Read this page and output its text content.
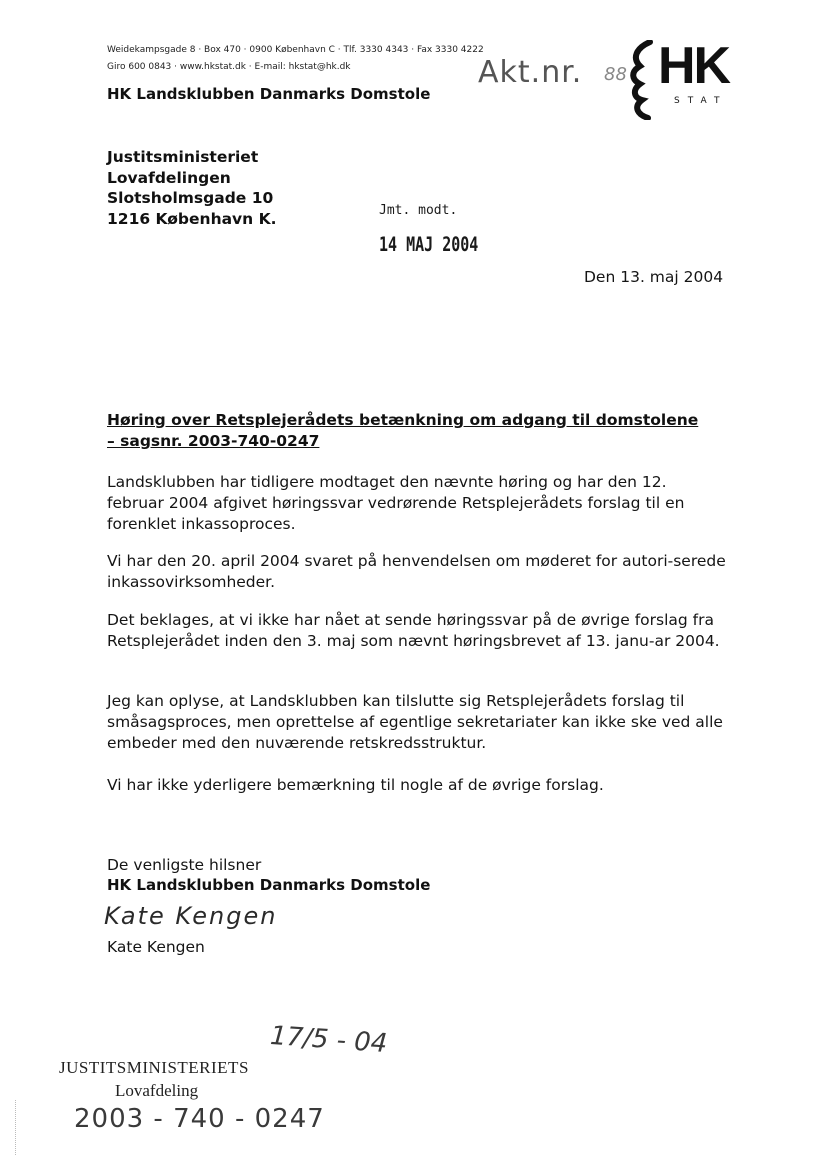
Weidekampsgade 8 · Box 470 · 0900 København C · Tlf. 3330 4343 · Fax 3330 4222
Giro 600 0843 · www.hkstat.dk · E-mail: hkstat@hk.dk
HK Landsklubben Danmarks Domstole
Akt.nr. 88 HK
STAT
Justitsministeriet
Lovafdelingen
Slotsholmsgade 10
1216 København K.	Jmt. modt.
14 MAJ 2004
Den 13. maj 2004
Høring over Retsplejerådets betænkning om adgang til domstolene
– sagsnr. 2003-740-0247

Landsklubben har tidligere modtaget den nævnte høring og har den 12. februar 2004 afgivet høringssvar vedrørende Retsplejerådets forslag til en forenklet inkassoproces.

Vi har den 20. april 2004 svaret på henvendelsen om møderet for autori-serede inkassovirksomheder.

Det beklages, at vi ikke har nået at sende høringssvar på de øvrige forslag fra Retsplejerådet inden den 3. maj som nævnt høringsbrevet af 13. janu-ar 2004.

Jeg kan oplyse, at Landsklubben kan tilslutte sig Retsplejerådets forslag til småsagsproces, men oprettelse af egentlige sekretariater kan ikke ske ved alle embeder med den nuværende retskredsstruktur.

Vi har ikke yderligere bemærkning til nogle af de øvrige forslag.

De venligste hilsner
HK Landsklubben Danmarks Domstole
Kate Kengen
Kate Kengen
17/5 - 04
JUSTITSMINISTERIETS
Lovafdeling
2003 - 740 - 0247
